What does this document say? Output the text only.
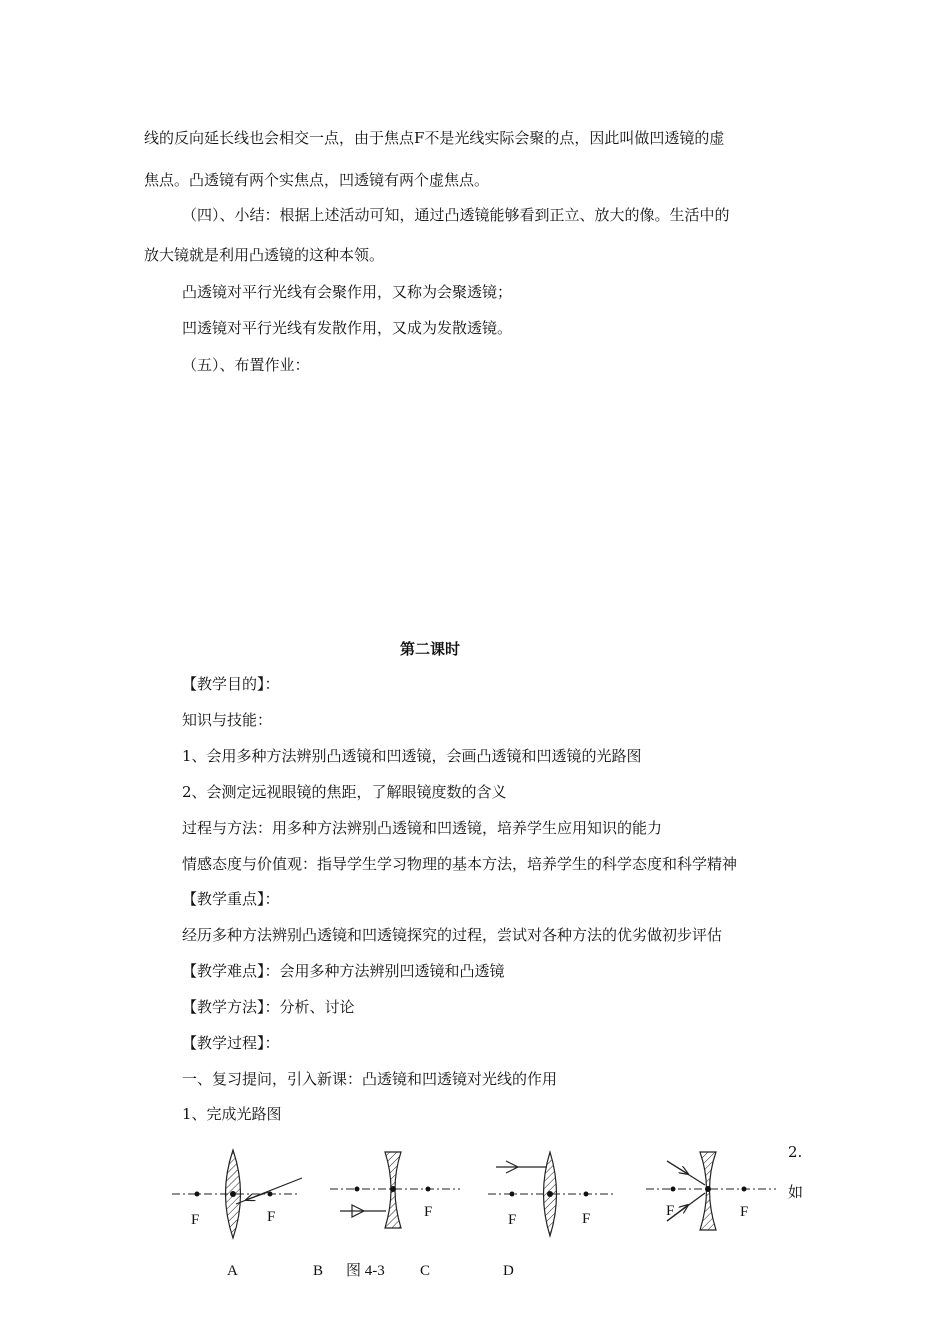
线的反向延长线也会相交一点，由于焦点F不是光线实际会聚的点，因此叫做凹透镜的虚
焦点。凸透镜有两个实焦点，凹透镜有两个虚焦点。
（四）、小结：根据上述活动可知，通过凸透镜能够看到正立、放大的像。生活中的
放大镜就是利用凸透镜的这种本领。
凸透镜对平行光线有会聚作用，又称为会聚透镜；
凹透镜对平行光线有发散作用，又成为发散透镜。
（五）、布置作业：
第二课时
【教学目的】：
知识与技能：
1、会用多种方法辨别凸透镜和凹透镜，会画凸透镜和凹透镜的光路图
2、会测定远视眼镜的焦距，了解眼镜度数的含义
过程与方法：用多种方法辨别凸透镜和凹透镜，培养学生应用知识的能力
情感态度与价值观：指导学生学习物理的基本方法，培养学生的科学态度和科学精神
【教学重点】：
经历多种方法辨别凸透镜和凹透镜探究的过程，尝试对各种方法的优劣做初步评估
【教学难点】：会用多种方法辨别凹透镜和凸透镜
【教学方法】：分析、讨论
【教学过程】：
一、复习提问，引入新课：凸透镜和凹透镜对光线的作用
1、完成光路图
2.
如
F	F	F	F	F	F	F
A	B 图 4-3 C	D
